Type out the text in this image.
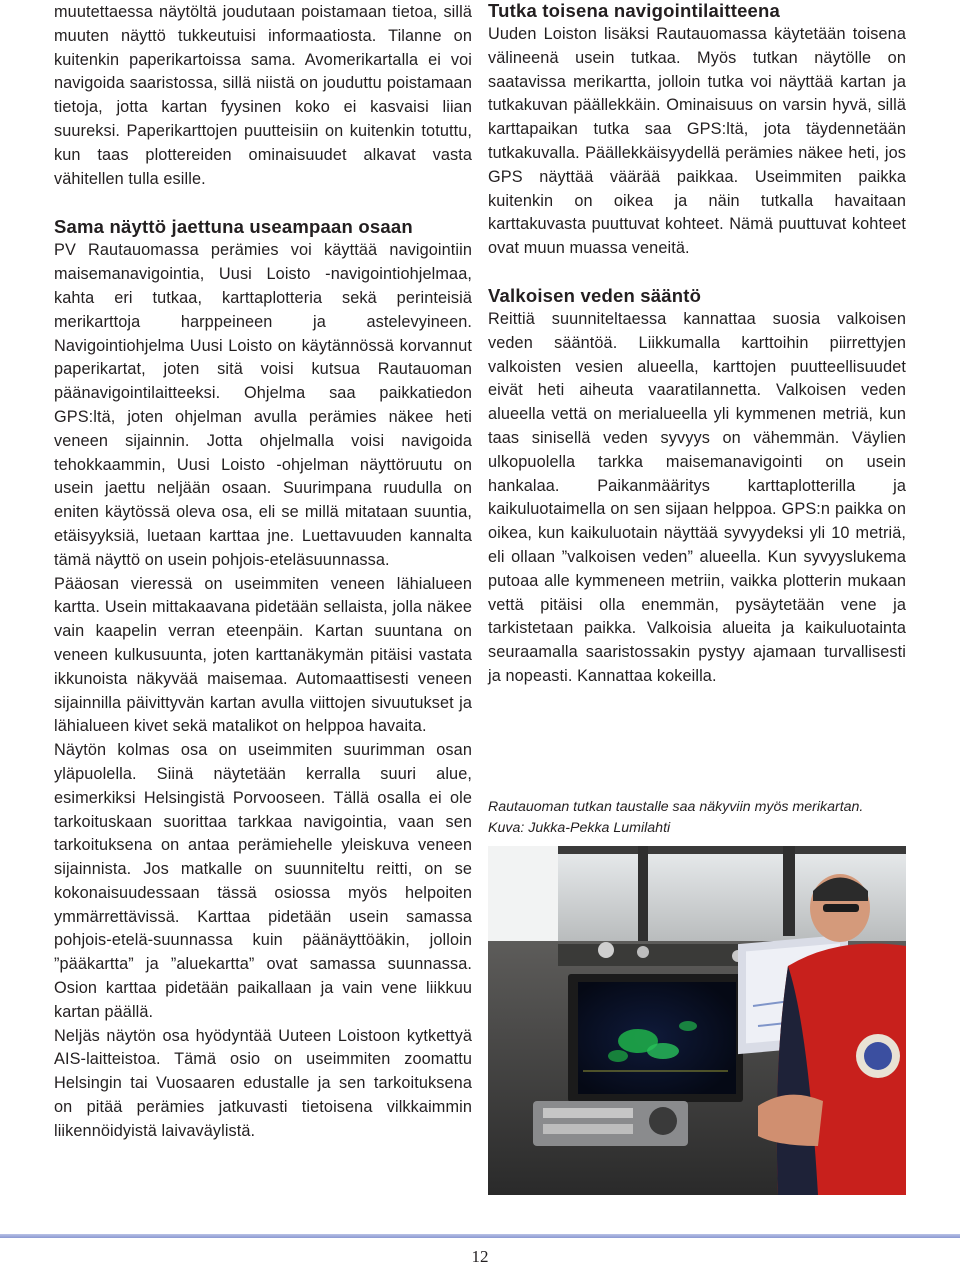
muutettaessa näytöltä joudutaan poistamaan tietoa, sillä muuten näyttö tukkeutuisi informaatiosta. Tilanne on kuitenkin paperikartoissa sama. Avomerikartalla ei voi navigoida saaristossa, sillä niistä on jouduttu poistamaan tietoja, jotta kartan fyysinen koko ei kasvaisi liian suureksi. Paperikarttojen puutteisiin on kuitenkin totuttu, kun taas plottereiden ominaisuudet alkavat vasta vähitellen tulla esille.

Sama näyttö jaettuna useampaan osaan

PV Rautauomassa perämies voi käyttää navigointiin maisemanavigointia, Uusi Loisto -navigointiohjelmaa, kahta eri tutkaa, karttaplotteria sekä perinteisiä merikarttoja harppeineen ja astelevyineen. Navigointiohjelma Uusi Loisto on käytännössä korvannut paperikartat, joten sitä voisi kutsua Rautauoman päänavigointilaitteeksi. Ohjelma saa paikkatiedon GPS:ltä, joten ohjelman avulla perämies näkee heti veneen sijainnin. Jotta ohjelmalla voisi navigoida tehokkaammin, Uusi Loisto -ohjelman näyttöruutu on usein jaettu neljään osaan. Suurimpana ruudulla on eniten käytössä oleva osa, eli se millä mitataan suuntia, etäisyyksiä, luetaan karttaa jne. Luettavuuden kannalta tämä näyttö on usein pohjois-eteläsuunnassa.

Pääosan vieressä on useimmiten veneen lähialueen kartta. Usein mittakaavana pidetään sellaista, jolla näkee vain kaapelin verran eteenpäin. Kartan suuntana on veneen kulkusuunta, joten karttanäkymän pitäisi vastata ikkunoista näkyvää maisemaa. Automaattisesti veneen sijainnilla päivittyvän kartan avulla viittojen sivuutukset ja lähialueen kivet sekä matalikot on helppoa havaita.

Näytön kolmas osa on useimmiten suurimman osan yläpuolella. Siinä näytetään kerralla suuri alue, esimerkiksi Helsingistä Porvooseen. Tällä osalla ei ole tarkoituskaan suorittaa tarkkaa navigointia, vaan sen tarkoituksena on antaa perämiehelle yleiskuva veneen sijainnista. Jos matkalle on suunniteltu reitti, on se kokonaisuudessaan tässä osiossa myös helpoiten ymmärrettävissä. Karttaa pidetään usein samassa pohjois-etelä-suunnassa kuin päänäyttöäkin, jolloin ”pääkartta” ja ”aluekartta” ovat samassa suunnassa. Osion karttaa pidetään paikallaan ja vain vene liikkuu kartan päällä.

Neljäs näytön osa hyödyntää Uuteen Loistoon kytkettyä AIS-laitteistoa. Tämä osio on useimmiten zoomattu Helsingin tai Vuosaaren edustalle ja sen tarkoituksena on pitää perämies jatkuvasti tietoisena vilkkaimmin liikennöidyistä laivaväylistä.

Tutka toisena navigointilaitteena

Uuden Loiston lisäksi Rautauomassa käytetään toisena välineenä usein tutkaa. Myös tutkan näytölle on saatavissa merikartta, jolloin tutka voi näyttää kartan ja tutkakuvan päällekkäin. Ominaisuus on varsin hyvä, sillä karttapaikan tutka saa GPS:ltä, jota täydennetään tutkakuvalla. Päällekkäisyydellä perämies näkee heti, jos GPS näyttää väärää paikkaa. Useimmiten paikka kuitenkin on oikea ja näin tutkalla havaitaan karttakuvasta puuttuvat kohteet. Nämä puuttuvat kohteet ovat muun muassa veneitä.

Valkoisen veden sääntö

Reittiä suunniteltaessa kannattaa suosia valkoisen veden sääntöä. Liikkumalla karttoihin piirrettyjen valkoisten vesien alueella, karttojen puutteellisuudet eivät heti aiheuta vaaratilannetta. Valkoisen veden alueella vettä on merialueella yli kymmenen metriä, kun taas sinisellä veden syvyys on vähemmän. Väylien ulkopuolella tarkka maisemanavigointi on usein hankalaa. Paikanmääritys karttaplotterilla ja kaikuluotaimella on sen sijaan helppoa. GPS:n paikka on oikea, kun kaikuluotain näyttää syvyydeksi yli 10 metriä, eli ollaan ”valkoisen veden” alueella. Kun syvyyslukema putoaa alle kymmeneen metriin, vaikka plotterin mukaan vettä pitäisi olla enemmän, pysäytetään vene ja tarkistetaan paikka. Valkoisia alueita ja kaikuluotainta seuraamalla saaristossakin pystyy ajamaan turvallisesti ja nopeasti. Kannattaa kokeilla.

Rautauoman tutkan taustalle saa näkyviin myös merikartan.
Kuva: Jukka-Pekka Lumilahti
12
